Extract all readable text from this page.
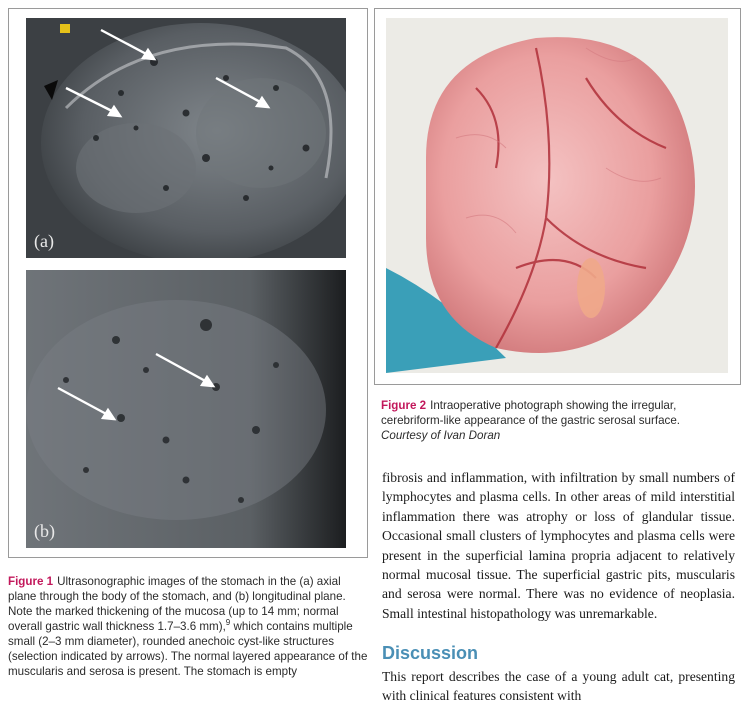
(a)
(b)
Figure 1 Ultrasonographic images of the stomach in the (a) axial plane through the body of the stomach, and (b) longitudinal plane. Note the marked thickening of the mucosa (up to 14 mm; normal overall gastric wall thickness 1.7–3.6 mm),$^9$ which contains multiple small (2–3 mm diameter), rounded anechoic cyst-like structures (selection indicated by arrows). The normal layered appearance of the muscularis and serosa is present. The stomach is empty
Figure 2 Intraoperative photograph showing the irregular, cerebriform-like appearance of the gastric serosal surface.
Courtesy of Ivan Doran
fibrosis and inflammation, with infiltration by small numbers of lymphocytes and plasma cells. In other areas of mild interstitial inflammation there was atrophy or loss of glandular tissue. Occasional small clusters of lymphocytes and plasma cells were present in the superficial lamina propria adjacent to relatively normal mucosal tissue. The superficial gastric pits, muscularis and serosa were normal. There was no evidence of neoplasia. Small intestinal histopathology was unremarkable.
Discussion
This report describes the case of a young adult cat, presenting with clinical features consistent with
